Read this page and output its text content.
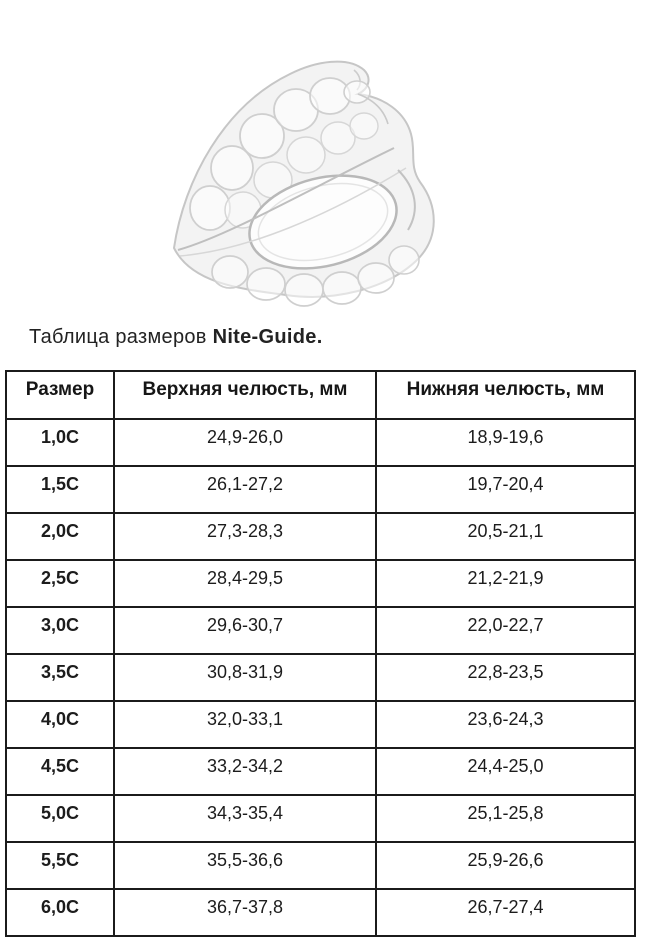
Таблица размеров Nite-Guide.
Размер	Верхняя челюсть, мм	Нижняя челюсть, мм
1,0C	24,9-26,0	18,9-19,6
1,5C	26,1-27,2	19,7-20,4
2,0C	27,3-28,3	20,5-21,1
2,5C	28,4-29,5	21,2-21,9
3,0C	29,6-30,7	22,0-22,7
3,5C	30,8-31,9	22,8-23,5
4,0C	32,0-33,1	23,6-24,3
4,5C	33,2-34,2	24,4-25,0
5,0C	34,3-35,4	25,1-25,8
5,5C	35,5-36,6	25,9-26,6
6,0C	36,7-37,8	26,7-27,4
